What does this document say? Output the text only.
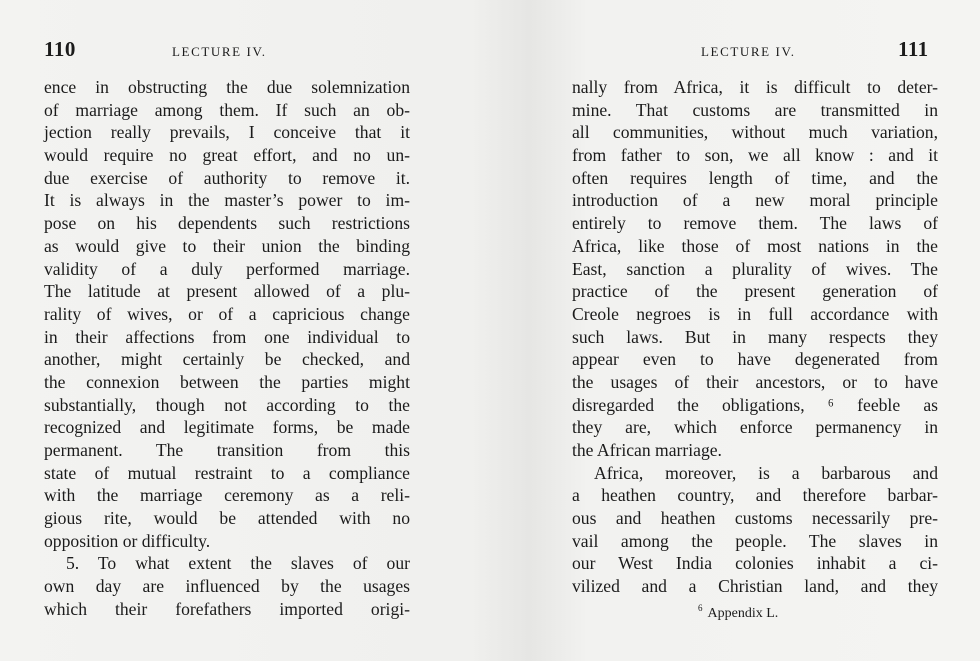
110	LECTURE IV.
ence in obstructing the due solemnization
of marriage among them. If such an ob-
jection really prevails, I conceive that it
would require no great effort, and no un-
due exercise of authority to remove it.
It is always in the master’s power to im-
pose on his dependents such restrictions
as would give to their union the binding
validity of a duly performed marriage.
The latitude at present allowed of a plu-
rality of wives, or of a capricious change
in their affections from one individual to
another, might certainly be checked, and
the connexion between the parties might
substantially, though not according to the
recognized and legitimate forms, be made
permanent. The transition from this
state of mutual restraint to a compliance
with the marriage ceremony as a reli-
gious rite, would be attended with no
opposition or difficulty.
5. To what extent the slaves of our
own day are influenced by the usages
which their forefathers imported origi-
LECTURE IV.	111
nally from Africa, it is difficult to deter-
mine. That customs are transmitted in
all communities, without much variation,
from father to son, we all know : and it
often requires length of time, and the
introduction of a new moral principle
entirely to remove them. The laws of
Africa, like those of most nations in the
East, sanction a plurality of wives. The
practice of the present generation of
Creole negroes is in full accordance with
such laws. But in many respects they
appear even to have degenerated from
the usages of their ancestors, or to have
disregarded the obligations, ⁶ feeble as
they are, which enforce permanency in
the African marriage.
Africa, moreover, is a barbarous and
a heathen country, and therefore barbar-
ous and heathen customs necessarily pre-
vail among the people. The slaves in
our West India colonies inhabit a ci-
vilized and a Christian land, and they
$^6$ Appendix L.
